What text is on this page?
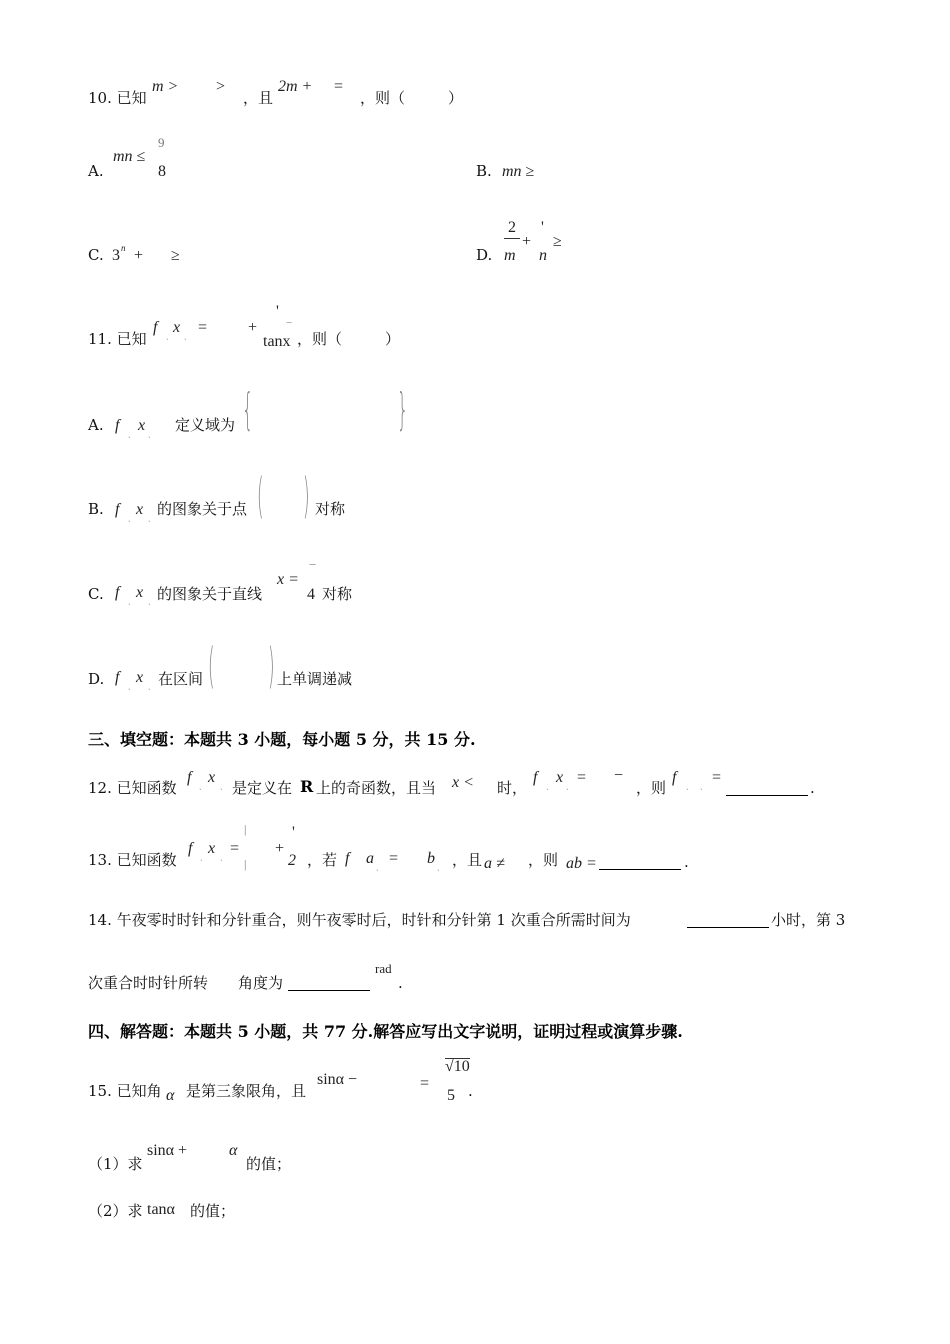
10. 已知
m > >
，且
2m + =
，则（	）
A.
mn ≤
9
8	B. mn ≥
C. 3 n + ≥	D.
2
m
+
'
n
≥
11. 已知
f ˎ x ˏ =	+
'
−
tanx ，则（	）
A. f ˎ x ˏ 定义域为 {	}
B. f ˎ x ˏ 的图象关于点 ( ) 对称
C. f ˎ x ˏ 的图象关于直线
x =
−
4 对称
D. f ˎ x ˏ 在区间 ( ) 上单调递减
三、填空题：本题共 3 小题，每小题 5 分，共 15 分.
12. 已知函数
f ˎ x ˏ 是定义在 R 上的奇函数，且当 x < 时，
f ˎ x ˏ = −
，则
f ˎ ˏ =
.
13. 已知函数
f ˎ x ˏ =
|
|
+
'
2 ，若 f a ˏ = b ˏ ，且 a ≠ ，则 ab =	.
14. 午夜零时时针和分针重合，则午夜零时后，时针和分针第 1 次重合所需时间为	小时，第 3
次重合时时针所转 角度为
rad
.
四、解答题：本题共 5 小题，共 77 分.解答应写出文字说明，证明过程或演算步骤.
15. 已知角 α 是第三象限角，且
sinα −	=
√10
5 .
（1）求
sinα +	α
的值；
（2）求 tanα 的值；
